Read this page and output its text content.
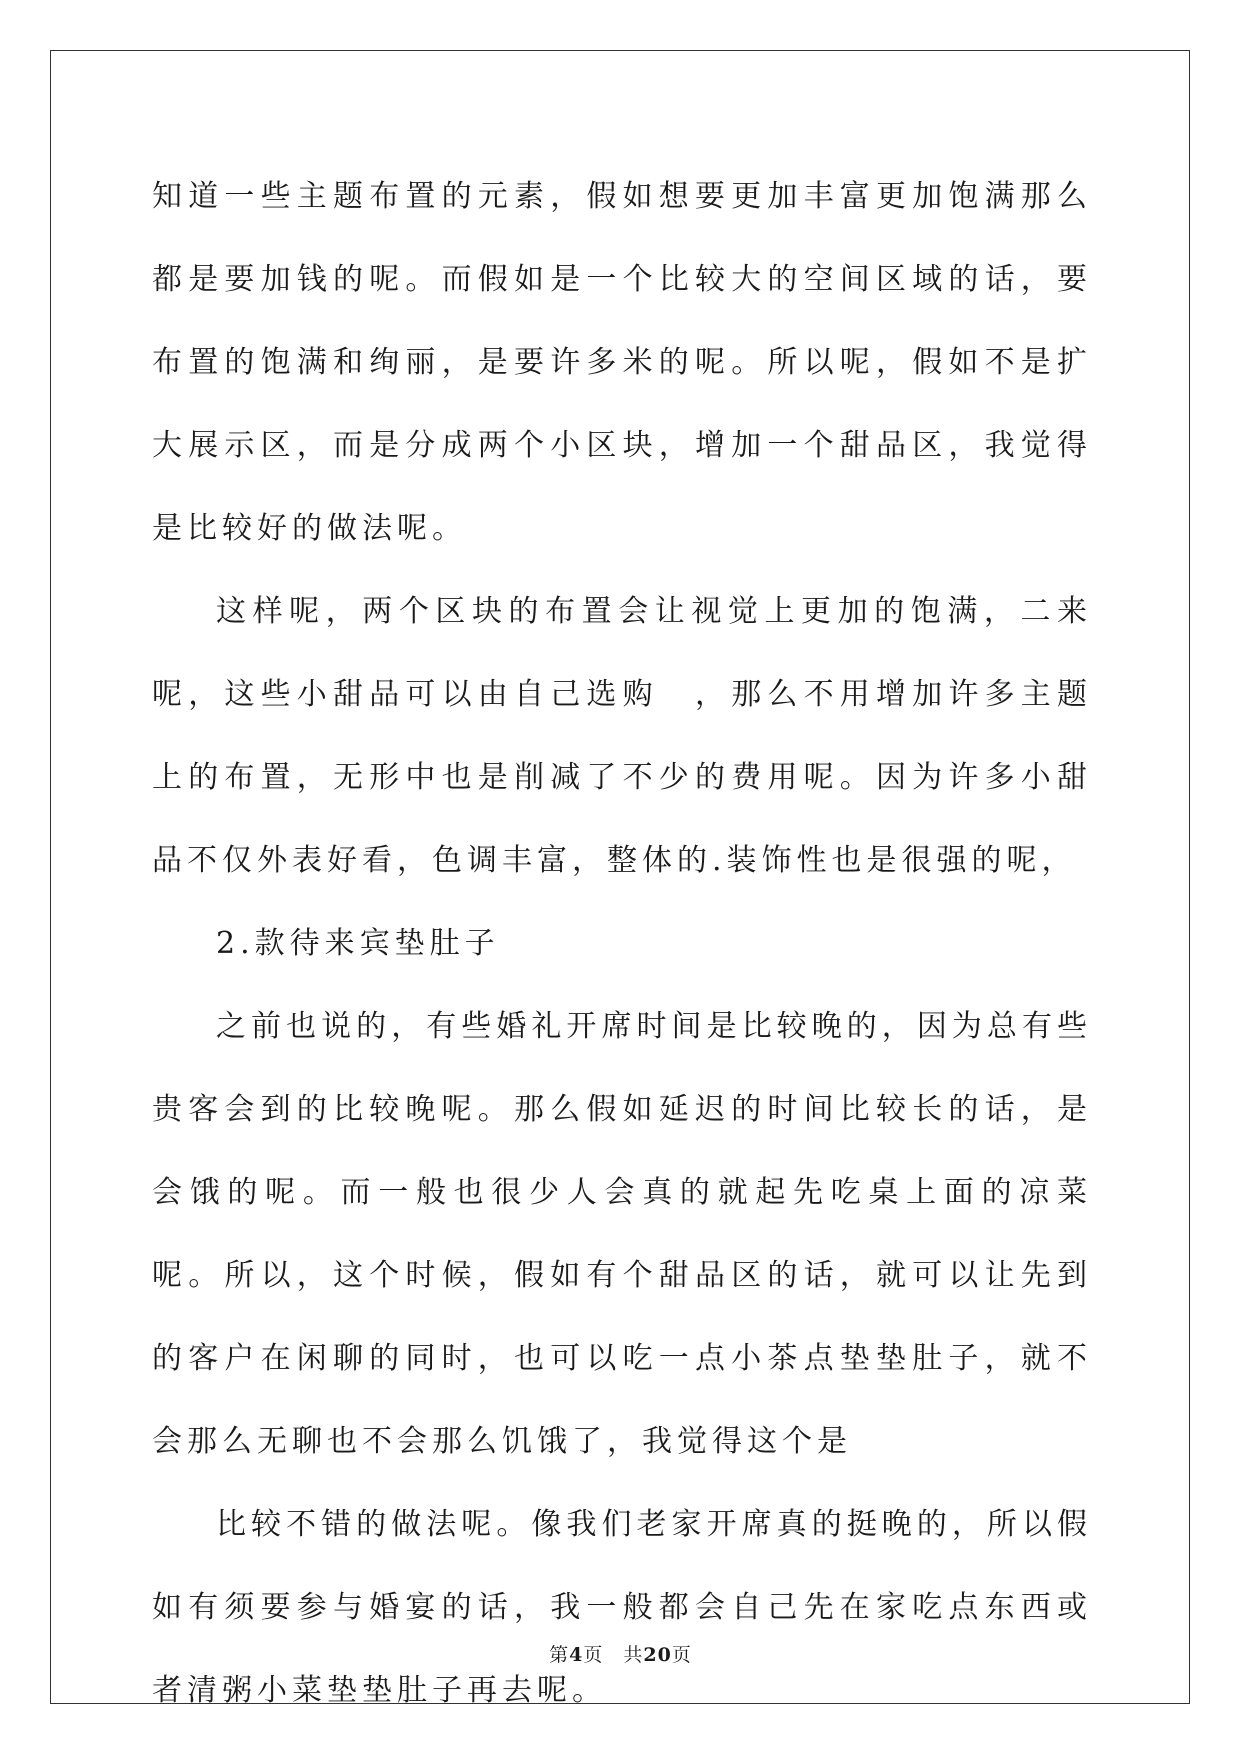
知道一些主题布置的元素，假如想要更加丰富更加饱满那么都是要加钱的呢。而假如是一个比较大的空间区域的话，要布置的饱满和绚丽，是要许多米的呢。所以呢，假如不是扩大展示区，而是分成两个小区块，增加一个甜品区，我觉得是比较好的做法呢。

这样呢，两个区块的布置会让视觉上更加的饱满，二来呢，这些小甜品可以由自己选购　，那么不用增加许多主题上的布置，无形中也是削减了不少的费用呢。因为许多小甜品不仅外表好看，色调丰富，整体的.装饰性也是很强的呢，

2.款待来宾垫肚子

之前也说的，有些婚礼开席时间是比较晚的，因为总有些贵客会到的比较晚呢。那么假如延迟的时间比较长的话，是会饿的呢。而一般也很少人会真的就起先吃桌上面的凉菜呢。所以，这个时候，假如有个甜品区的话，就可以让先到的客户在闲聊的同时，也可以吃一点小茶点垫垫肚子，就不会那么无聊也不会那么饥饿了，我觉得这个是

比较不错的做法呢。像我们老家开席真的挺晚的，所以假如有须要参与婚宴的话，我一般都会自己先在家吃点东西或者清粥小菜垫垫肚子再去呢。

第4页　 共20页
